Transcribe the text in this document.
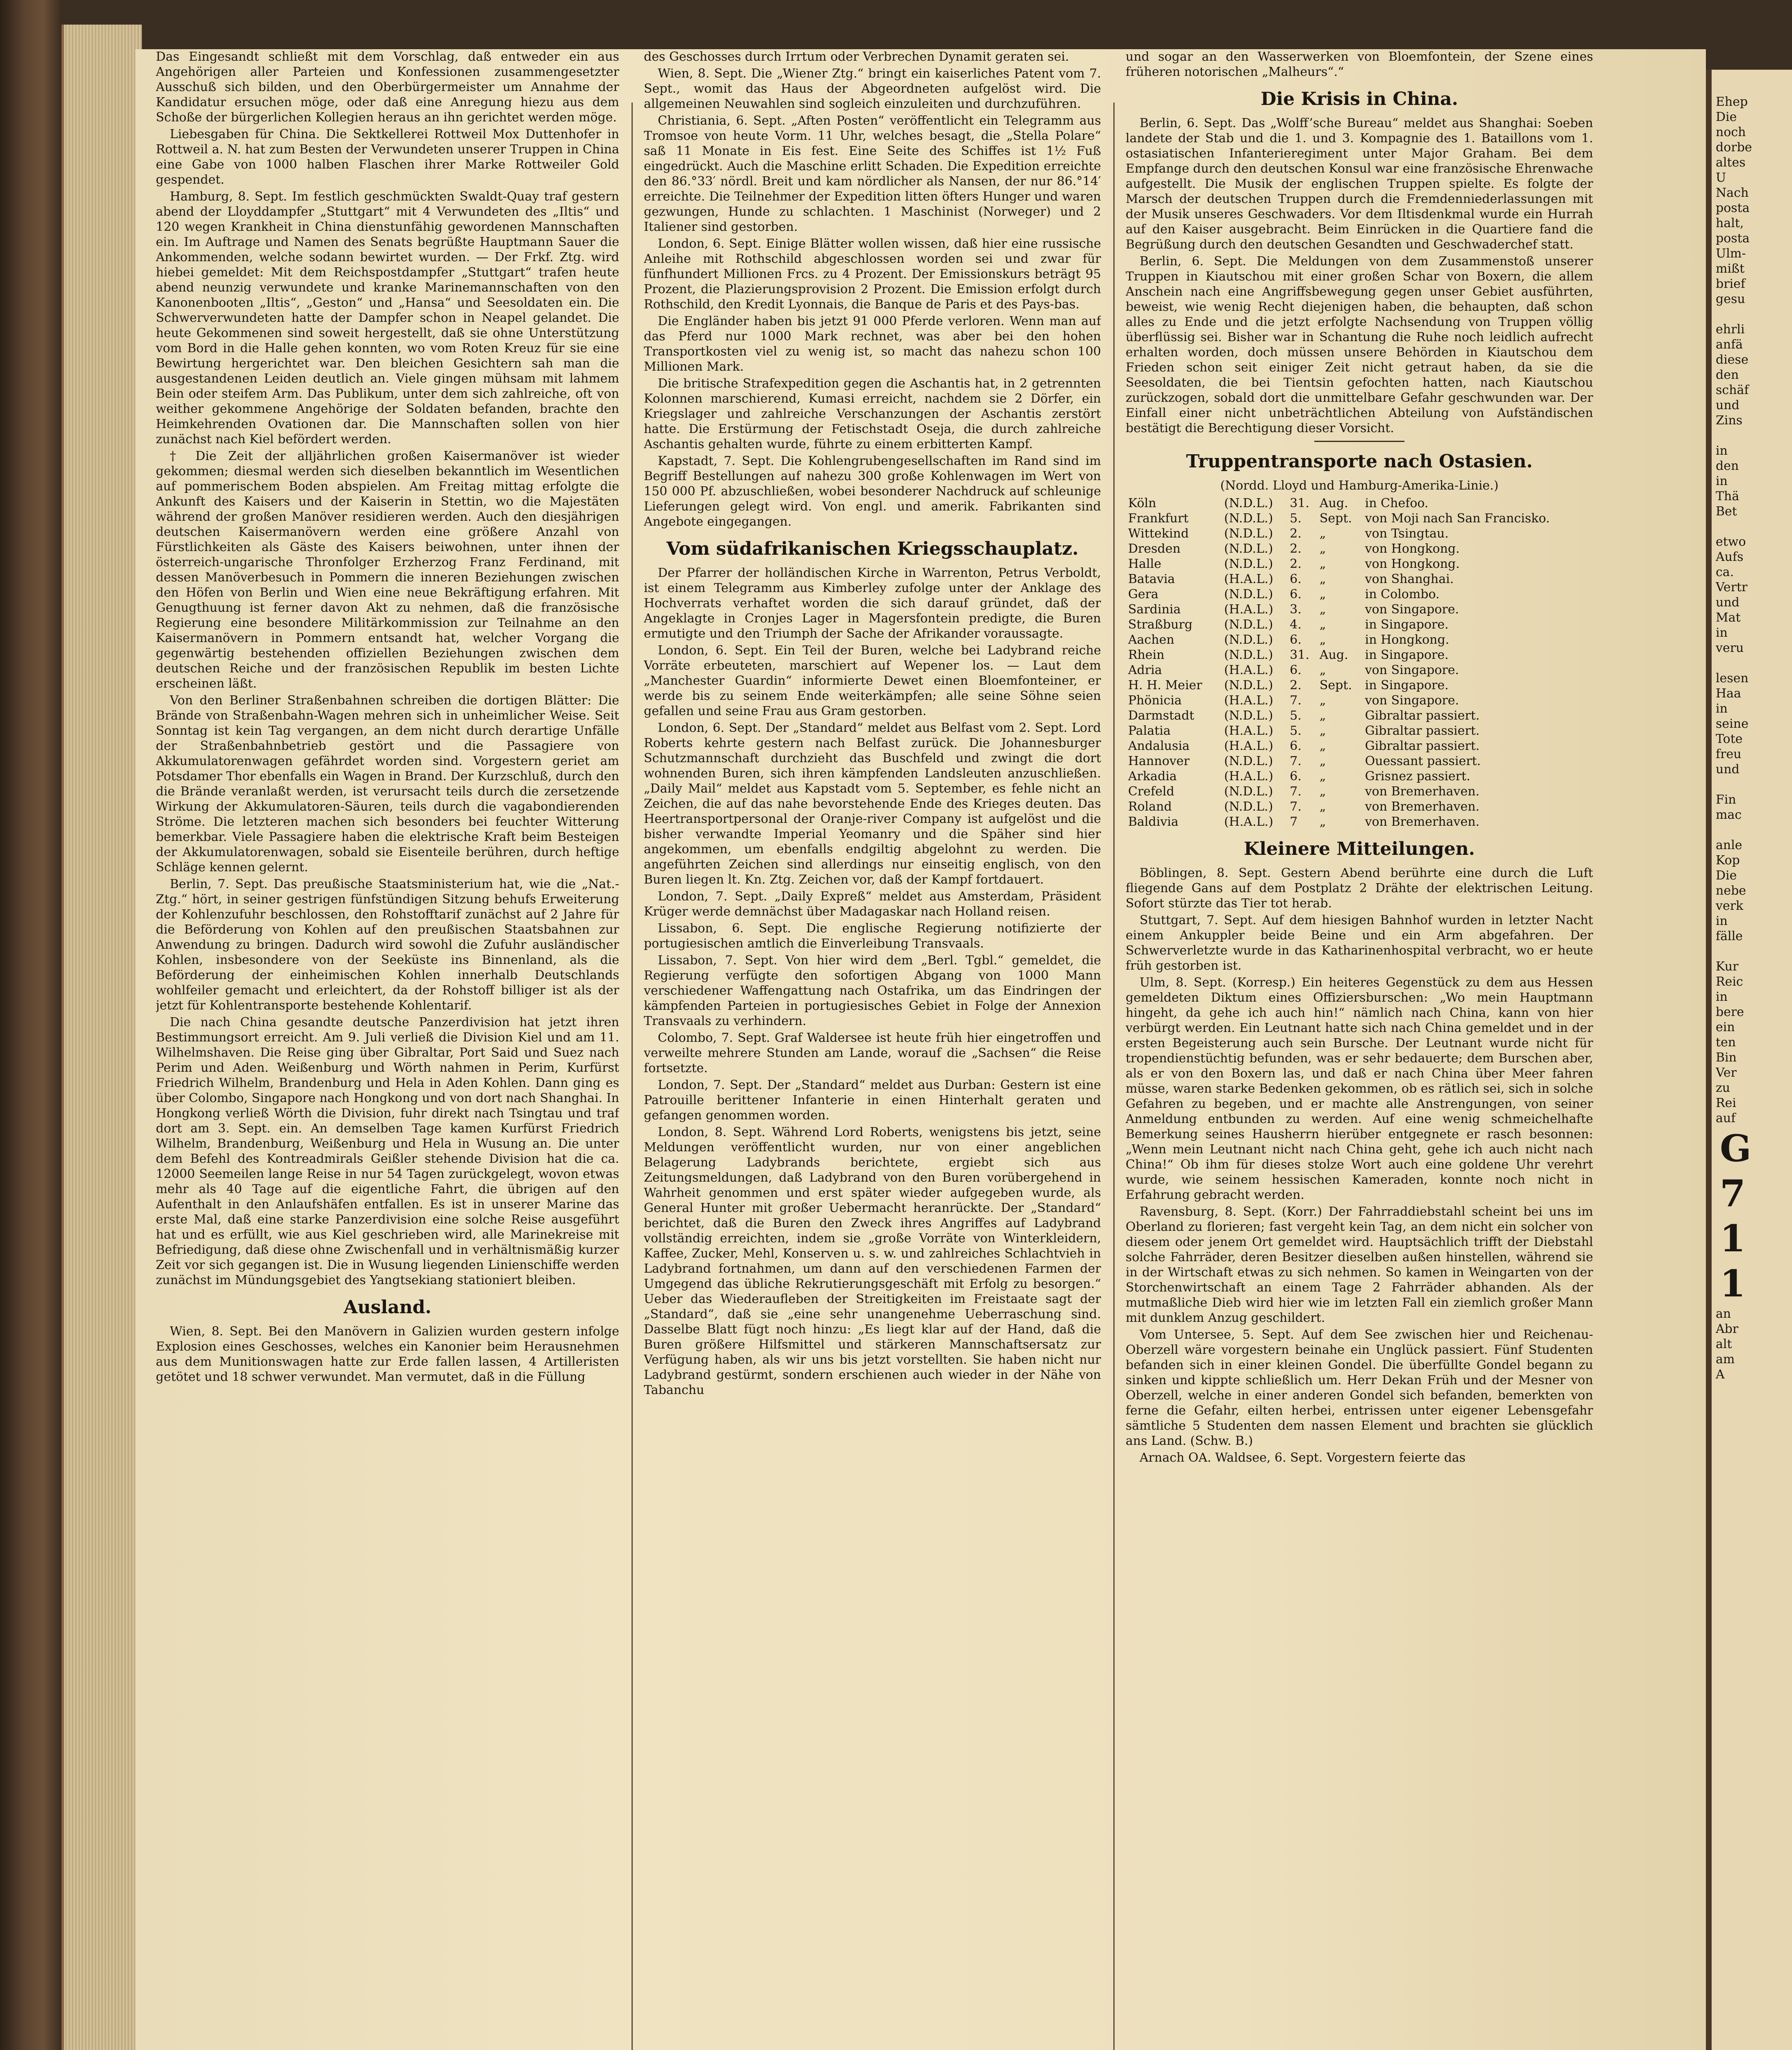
Das Eingesandt schließt mit dem Vorschlag, daß entweder ein aus Angehörigen aller Parteien und Konfessionen zusammengesetzter Ausschuß sich bilden, und den Oberbürgermeister um Annahme der Kandidatur ersuchen möge, oder daß eine Anregung hiezu aus dem Schoße der bürgerlichen Kollegien heraus an ihn gerichtet werden möge.
Liebesgaben für China. Die Sektkellerei Rottweil Mox Duttenhofer in Rottweil a. N. hat zum Besten der Verwundeten unserer Truppen in China eine Gabe von 1000 halben Flaschen ihrer Marke Rottweiler Gold gespendet.
Hamburg, 8. Sept. Im festlich geschmückten Swaldt-Quay traf gestern abend der Lloyddampfer „Stuttgart“ mit 4 Verwundeten des „Iltis“ und 120 wegen Krankheit in China dienstunfähig gewordenen Mannschaften ein. Im Auftrage und Namen des Senats begrüßte Hauptmann Sauer die Ankommenden, welche sodann bewirtet wurden. — Der Frkf. Ztg. wird hiebei gemeldet: Mit dem Reichspostdampfer „Stuttgart“ trafen heute abend neunzig verwundete und kranke Marinemannschaften von den Kanonenbooten „Iltis“, „Geston“ und „Hansa“ und Seesoldaten ein. Die Schwerverwundeten hatte der Dampfer schon in Neapel gelandet. Die heute Gekommenen sind soweit hergestellt, daß sie ohne Unterstützung vom Bord in die Halle gehen konnten, wo vom Roten Kreuz für sie eine Bewirtung hergerichtet war. Den bleichen Gesichtern sah man die ausgestandenen Leiden deutlich an. Viele gingen mühsam mit lahmem Bein oder steifem Arm. Das Publikum, unter dem sich zahlreiche, oft von weither gekommene Angehörige der Soldaten befanden, brachte den Heimkehrenden Ovationen dar. Die Mannschaften sollen von hier zunächst nach Kiel befördert werden.
† Die Zeit der alljährlichen großen Kaisermanöver ist wieder gekommen; diesmal werden sich dieselben bekanntlich im Wesentlichen auf pommerischem Boden abspielen. Am Freitag mittag erfolgte die Ankunft des Kaisers und der Kaiserin in Stettin, wo die Majestäten während der großen Manöver residieren werden. Auch den diesjährigen deutschen Kaisermanövern werden eine größere Anzahl von Fürstlichkeiten als Gäste des Kaisers beiwohnen, unter ihnen der österreich-ungarische Thronfolger Erzherzog Franz Ferdinand, mit dessen Manöverbesuch in Pommern die inneren Beziehungen zwischen den Höfen von Berlin und Wien eine neue Bekräftigung erfahren. Mit Genugthuung ist ferner davon Akt zu nehmen, daß die französische Regierung eine besondere Militärkommission zur Teilnahme an den Kaisermanövern in Pommern entsandt hat, welcher Vorgang die gegenwärtig bestehenden offiziellen Beziehungen zwischen dem deutschen Reiche und der französischen Republik im besten Lichte erscheinen läßt.
Von den Berliner Straßenbahnen schreiben die dortigen Blätter: Die Brände von Straßenbahn-Wagen mehren sich in unheimlicher Weise. Seit Sonntag ist kein Tag vergangen, an dem nicht durch derartige Unfälle der Straßenbahnbetrieb gestört und die Passagiere von Akkumulatorenwagen gefährdet worden sind. Vorgestern geriet am Potsdamer Thor ebenfalls ein Wagen in Brand. Der Kurzschluß, durch den die Brände veranlaßt werden, ist verursacht teils durch die zersetzende Wirkung der Akkumulatoren-Säuren, teils durch die vagabondierenden Ströme. Die letzteren machen sich besonders bei feuchter Witterung bemerkbar. Viele Passagiere haben die elektrische Kraft beim Besteigen der Akkumulatorenwagen, sobald sie Eisenteile berühren, durch heftige Schläge kennen gelernt.
Berlin, 7. Sept. Das preußische Staatsministerium hat, wie die „Nat.-Ztg.“ hört, in seiner gestrigen fünfstündigen Sitzung behufs Erweiterung der Kohlenzufuhr beschlossen, den Rohstofftarif zunächst auf 2 Jahre für die Beförderung von Kohlen auf den preußischen Staatsbahnen zur Anwendung zu bringen. Dadurch wird sowohl die Zufuhr ausländischer Kohlen, insbesondere von der Seeküste ins Binnenland, als die Beförderung der einheimischen Kohlen innerhalb Deutschlands wohlfeiler gemacht und erleichtert, da der Rohstoff billiger ist als der jetzt für Kohlentransporte bestehende Kohlentarif.
Die nach China gesandte deutsche Panzerdivision hat jetzt ihren Bestimmungsort erreicht. Am 9. Juli verließ die Division Kiel und am 11. Wilhelmshaven. Die Reise ging über Gibraltar, Port Said und Suez nach Perim und Aden. Weißenburg und Wörth nahmen in Perim, Kurfürst Friedrich Wilhelm, Brandenburg und Hela in Aden Kohlen. Dann ging es über Colombo, Singapore nach Hongkong und von dort nach Shanghai. In Hongkong verließ Wörth die Division, fuhr direkt nach Tsingtau und traf dort am 3. Sept. ein. An demselben Tage kamen Kurfürst Friedrich Wilhelm, Brandenburg, Weißenburg und Hela in Wusung an. Die unter dem Befehl des Kontreadmirals Geißler stehende Division hat die ca. 12000 Seemeilen lange Reise in nur 54 Tagen zurückgelegt, wovon etwas mehr als 40 Tage auf die eigentliche Fahrt, die übrigen auf den Aufenthalt in den Anlaufshäfen entfallen. Es ist in unserer Marine das erste Mal, daß eine starke Panzerdivision eine solche Reise ausgeführt hat und es erfüllt, wie aus Kiel geschrieben wird, alle Marinekreise mit Befriedigung, daß diese ohne Zwischenfall und in verhältnismäßig kurzer Zeit vor sich gegangen ist. Die in Wusung liegenden Linienschiffe werden zunächst im Mündungsgebiet des Yangtsekiang stationiert bleiben.
Ausland.
Wien, 8. Sept. Bei den Manövern in Galizien wurden gestern infolge Explosion eines Geschosses, welches ein Kanonier beim Herausnehmen aus dem Munitionswagen hatte zur Erde fallen lassen, 4 Artilleristen getötet und 18 schwer verwundet. Man vermutet, daß in die Füllung
des Geschosses durch Irrtum oder Verbrechen Dynamit geraten sei.
Wien, 8. Sept. Die „Wiener Ztg.“ bringt ein kaiserliches Patent vom 7. Sept., womit das Haus der Abgeordneten aufgelöst wird. Die allgemeinen Neuwahlen sind sogleich einzuleiten und durchzuführen.
Christiania, 6. Sept. „Aften Posten“ veröffentlicht ein Telegramm aus Tromsoe von heute Vorm. 11 Uhr, welches besagt, die „Stella Polare“ saß 11 Monate in Eis fest. Eine Seite des Schiffes ist 1½ Fuß eingedrückt. Auch die Maschine erlitt Schaden. Die Expedition erreichte den 86.°33′ nördl. Breit und kam nördlicher als Nansen, der nur 86.°14′ erreichte. Die Teilnehmer der Expedition litten öfters Hunger und waren gezwungen, Hunde zu schlachten. 1 Maschinist (Norweger) und 2 Italiener sind gestorben.
London, 6. Sept. Einige Blätter wollen wissen, daß hier eine russische Anleihe mit Rothschild abgeschlossen worden sei und zwar für fünfhundert Millionen Frcs. zu 4 Prozent. Der Emissionskurs beträgt 95 Prozent, die Plazierungsprovision 2 Prozent. Die Emission erfolgt durch Rothschild, den Kredit Lyonnais, die Banque de Paris et des Pays-bas.
Die Engländer haben bis jetzt 91 000 Pferde verloren. Wenn man auf das Pferd nur 1000 Mark rechnet, was aber bei den hohen Transportkosten viel zu wenig ist, so macht das nahezu schon 100 Millionen Mark.
Die britische Strafexpedition gegen die Aschantis hat, in 2 getrennten Kolonnen marschierend, Kumasi erreicht, nachdem sie 2 Dörfer, ein Kriegslager und zahlreiche Verschanzungen der Aschantis zerstört hatte. Die Erstürmung der Fetischstadt Oseja, die durch zahlreiche Aschantis gehalten wurde, führte zu einem erbitterten Kampf.
Kapstadt, 7. Sept. Die Kohlengrubengesellschaften im Rand sind im Begriff Bestellungen auf nahezu 300 große Kohlenwagen im Wert von 150 000 Pf. abzuschließen, wobei besonderer Nachdruck auf schleunige Lieferungen gelegt wird. Von engl. und amerik. Fabrikanten sind Angebote eingegangen.
Vom südafrikanischen Kriegsschauplatz.
Der Pfarrer der holländischen Kirche in Warrenton, Petrus Verboldt, ist einem Telegramm aus Kimberley zufolge unter der Anklage des Hochverrats verhaftet worden die sich darauf gründet, daß der Angeklagte in Cronjes Lager in Magersfontein predigte, die Buren ermutigte und den Triumph der Sache der Afrikander voraussagte.
London, 6. Sept. Ein Teil der Buren, welche bei Ladybrand reiche Vorräte erbeuteten, marschiert auf Wepener los. — Laut dem „Manchester Guardin“ informierte Dewet einen Bloemfonteiner, er werde bis zu seinem Ende weiterkämpfen; alle seine Söhne seien gefallen und seine Frau aus Gram gestorben.
London, 6. Sept. Der „Standard“ meldet aus Belfast vom 2. Sept. Lord Roberts kehrte gestern nach Belfast zurück. Die Johannesburger Schutzmannschaft durchzieht das Buschfeld und zwingt die dort wohnenden Buren, sich ihren kämpfenden Landsleuten anzuschließen. „Daily Mail“ meldet aus Kapstadt vom 5. September, es fehle nicht an Zeichen, die auf das nahe bevorstehende Ende des Krieges deuten. Das Heertransportpersonal der Oranje-river Company ist aufgelöst und die bisher verwandte Imperial Yeomanry und die Späher sind hier angekommen, um ebenfalls endgiltig abgelohnt zu werden. Die angeführten Zeichen sind allerdings nur einseitig englisch, von den Buren liegen lt. Kn. Ztg. Zeichen vor, daß der Kampf fortdauert.
London, 7. Sept. „Daily Expreß“ meldet aus Amsterdam, Präsident Krüger werde demnächst über Madagaskar nach Holland reisen.
Lissabon, 6. Sept. Die englische Regierung notifizierte der portugiesischen amtlich die Einverleibung Transvaals.
Lissabon, 7. Sept. Von hier wird dem „Berl. Tgbl.“ gemeldet, die Regierung verfügte den sofortigen Abgang von 1000 Mann verschiedener Waffengattung nach Ostafrika, um das Eindringen der kämpfenden Parteien in portugiesisches Gebiet in Folge der Annexion Transvaals zu verhindern.
Colombo, 7. Sept. Graf Waldersee ist heute früh hier eingetroffen und verweilte mehrere Stunden am Lande, worauf die „Sachsen“ die Reise fortsetzte.
London, 7. Sept. Der „Standard“ meldet aus Durban: Gestern ist eine Patrouille berittener Infanterie in einen Hinterhalt geraten und gefangen genommen worden.
London, 8. Sept. Während Lord Roberts, wenigstens bis jetzt, seine Meldungen veröffentlicht wurden, nur von einer angeblichen Belagerung Ladybrands berichtete, ergiebt sich aus Zeitungsmeldungen, daß Ladybrand von den Buren vorübergehend in Wahrheit genommen und erst später wieder aufgegeben wurde, als General Hunter mit großer Uebermacht heranrückte. Der „Standard“ berichtet, daß die Buren den Zweck ihres Angriffes auf Ladybrand vollständig erreichten, indem sie „große Vorräte von Winterkleidern, Kaffee, Zucker, Mehl, Konserven u. s. w. und zahlreiches Schlachtvieh in Ladybrand fortnahmen, um dann auf den verschiedenen Farmen der Umgegend das übliche Rekrutierungsgeschäft mit Erfolg zu besorgen.“ Ueber das Wiederaufleben der Streitigkeiten im Freistaate sagt der „Standard“, daß sie „eine sehr unangenehme Ueberraschung sind. Dasselbe Blatt fügt noch hinzu: „Es liegt klar auf der Hand, daß die Buren größere Hilfsmittel und stärkeren Mannschaftsersatz zur Verfügung haben, als wir uns bis jetzt vorstellten. Sie haben nicht nur Ladybrand gestürmt, sondern erschienen auch wieder in der Nähe von Tabanchu
und sogar an den Wasserwerken von Bloemfontein, der Szene eines früheren notorischen „Malheurs“.“
Die Krisis in China.
Berlin, 6. Sept. Das „Wolff’sche Bureau“ meldet aus Shanghai: Soeben landete der Stab und die 1. und 3. Kompagnie des 1. Bataillons vom 1. ostasiatischen Infanterieregiment unter Major Graham. Bei dem Empfange durch den deutschen Konsul war eine französische Ehrenwache aufgestellt. Die Musik der englischen Truppen spielte. Es folgte der Marsch der deutschen Truppen durch die Fremdenniederlassungen mit der Musik unseres Geschwaders. Vor dem Iltisdenkmal wurde ein Hurrah auf den Kaiser ausgebracht. Beim Einrücken in die Quartiere fand die Begrüßung durch den deutschen Gesandten und Geschwaderchef statt.
Berlin, 6. Sept. Die Meldungen von dem Zusammenstoß unserer Truppen in Kiautschou mit einer großen Schar von Boxern, die allem Anschein nach eine Angriffsbewegung gegen unser Gebiet ausführten, beweist, wie wenig Recht diejenigen haben, die behaupten, daß schon alles zu Ende und die jetzt erfolgte Nachsendung von Truppen völlig überflüssig sei. Bisher war in Schantung die Ruhe noch leidlich aufrecht erhalten worden, doch müssen unsere Behörden in Kiautschou dem Frieden schon seit einiger Zeit nicht getraut haben, da sie die Seesoldaten, die bei Tientsin gefochten hatten, nach Kiautschou zurückzogen, sobald dort die unmittelbare Gefahr geschwunden war. Der Einfall einer nicht unbeträchtlichen Abteilung von Aufständischen bestätigt die Berechtigung dieser Vorsicht.
Truppentransporte nach Ostasien.
(Nordd. Lloyd und Hamburg-Amerika-Linie.)
Köln	(N.D.L.)	31.	Aug.	in Chefoo.
Frankfurt	(N.D.L.)	5.	Sept.	von Moji nach San Francisko.
Wittekind	(N.D.L.)	2.	„	von Tsingtau.
Dresden	(N.D.L.)	2.	„	von Hongkong.
Halle	(N.D.L.)	2.	„	von Hongkong.
Batavia	(H.A.L.)	6.	„	von Shanghai.
Gera	(N.D.L.)	6.	„	in Colombo.
Sardinia	(H.A.L.)	3.	„	von Singapore.
Straßburg	(N.D.L.)	4.	„	in Singapore.
Aachen	(N.D.L.)	6.	„	in Hongkong.
Rhein	(N.D.L.)	31.	Aug.	in Singapore.
Adria	(H.A.L.)	6.	„	von Singapore.
H. H. Meier	(N.D.L.)	2.	Sept.	in Singapore.
Phönicia	(H.A.L.)	7.	„	von Singapore.
Darmstadt	(N.D.L.)	5.	„	Gibraltar passiert.
Palatia	(H.A.L.)	5.	„	Gibraltar passiert.
Andalusia	(H.A.L.)	6.	„	Gibraltar passiert.
Hannover	(N.D.L.)	7.	„	Ouessant passiert.
Arkadia	(H.A.L.)	6.	„	Grisnez passiert.
Crefeld	(N.D.L.)	7.	„	von Bremerhaven.
Roland	(N.D.L.)	7.	„	von Bremerhaven.
Baldivia	(H.A.L.)	7	„	von Bremerhaven.
Kleinere Mitteilungen.
Böblingen, 8. Sept. Gestern Abend berührte eine durch die Luft fliegende Gans auf dem Postplatz 2 Drähte der elektrischen Leitung. Sofort stürzte das Tier tot herab.
Stuttgart, 7. Sept. Auf dem hiesigen Bahnhof wurden in letzter Nacht einem Ankuppler beide Beine und ein Arm abgefahren. Der Schwerverletzte wurde in das Katharinenhospital verbracht, wo er heute früh gestorben ist.
Ulm, 8. Sept. (Korresp.) Ein heiteres Gegenstück zu dem aus Hessen gemeldeten Diktum eines Offiziersburschen: „Wo mein Hauptmann hingeht, da gehe ich auch hin!“ nämlich nach China, kann von hier verbürgt werden. Ein Leutnant hatte sich nach China gemeldet und in der ersten Begeisterung auch sein Bursche. Der Leutnant wurde nicht für tropendienstüchtig befunden, was er sehr bedauerte; dem Burschen aber, als er von den Boxern las, und daß er nach China über Meer fahren müsse, waren starke Bedenken gekommen, ob es rätlich sei, sich in solche Gefahren zu begeben, und er machte alle Anstrengungen, von seiner Anmeldung entbunden zu werden. Auf eine wenig schmeichelhafte Bemerkung seines Hausherrn hierüber entgegnete er rasch besonnen: „Wenn mein Leutnant nicht nach China geht, gehe ich auch nicht nach China!“ Ob ihm für dieses stolze Wort auch eine goldene Uhr verehrt wurde, wie seinem hessischen Kameraden, konnte noch nicht in Erfahrung gebracht werden.
Ravensburg, 8. Sept. (Korr.) Der Fahrraddiebstahl scheint bei uns im Oberland zu florieren; fast vergeht kein Tag, an dem nicht ein solcher von diesem oder jenem Ort gemeldet wird. Hauptsächlich trifft der Diebstahl solche Fahrräder, deren Besitzer dieselben außen hinstellen, während sie in der Wirtschaft etwas zu sich nehmen. So kamen in Weingarten von der Storchenwirtschaft an einem Tage 2 Fahrräder abhanden. Als der mutmaßliche Dieb wird hier wie im letzten Fall ein ziemlich großer Mann mit dunklem Anzug geschildert.
Vom Untersee, 5. Sept. Auf dem See zwischen hier und Reichenau-Oberzell wäre vorgestern beinahe ein Unglück passiert. Fünf Studenten befanden sich in einer kleinen Gondel. Die überfüllte Gondel begann zu sinken und kippte schließlich um. Herr Dekan Früh und der Mesner von Oberzell, welche in einer anderen Gondel sich befanden, bemerkten von ferne die Gefahr, eilten herbei, entrissen unter eigener Lebensgefahr sämtliche 5 Studenten dem nassen Element und brachten sie glücklich ans Land. (Schw. B.)
Arnach OA. Waldsee, 6. Sept. Vorgestern feierte das
Ehep
Die
noch
dorbe
altes
U
Nach
posta
halt,
posta
Ulm-
mißt
brief
gesu

ehrli
anfä
diese
den
schäf
und
Zins

in
den
in
Thä
Bet

etwo
Aufs
ca.
Vertr
und
Mat
in
veru

lesen
Haa
in
seine
Tote
freu
und

Fin
mac

anle
Kop
Die
nebe
verk
in
fälle

Kur
Reic
in
bere
ein
ten
Bin
Ver
zu
Rei
auf
G
7
1
1
an
Abr
alt
am
A
